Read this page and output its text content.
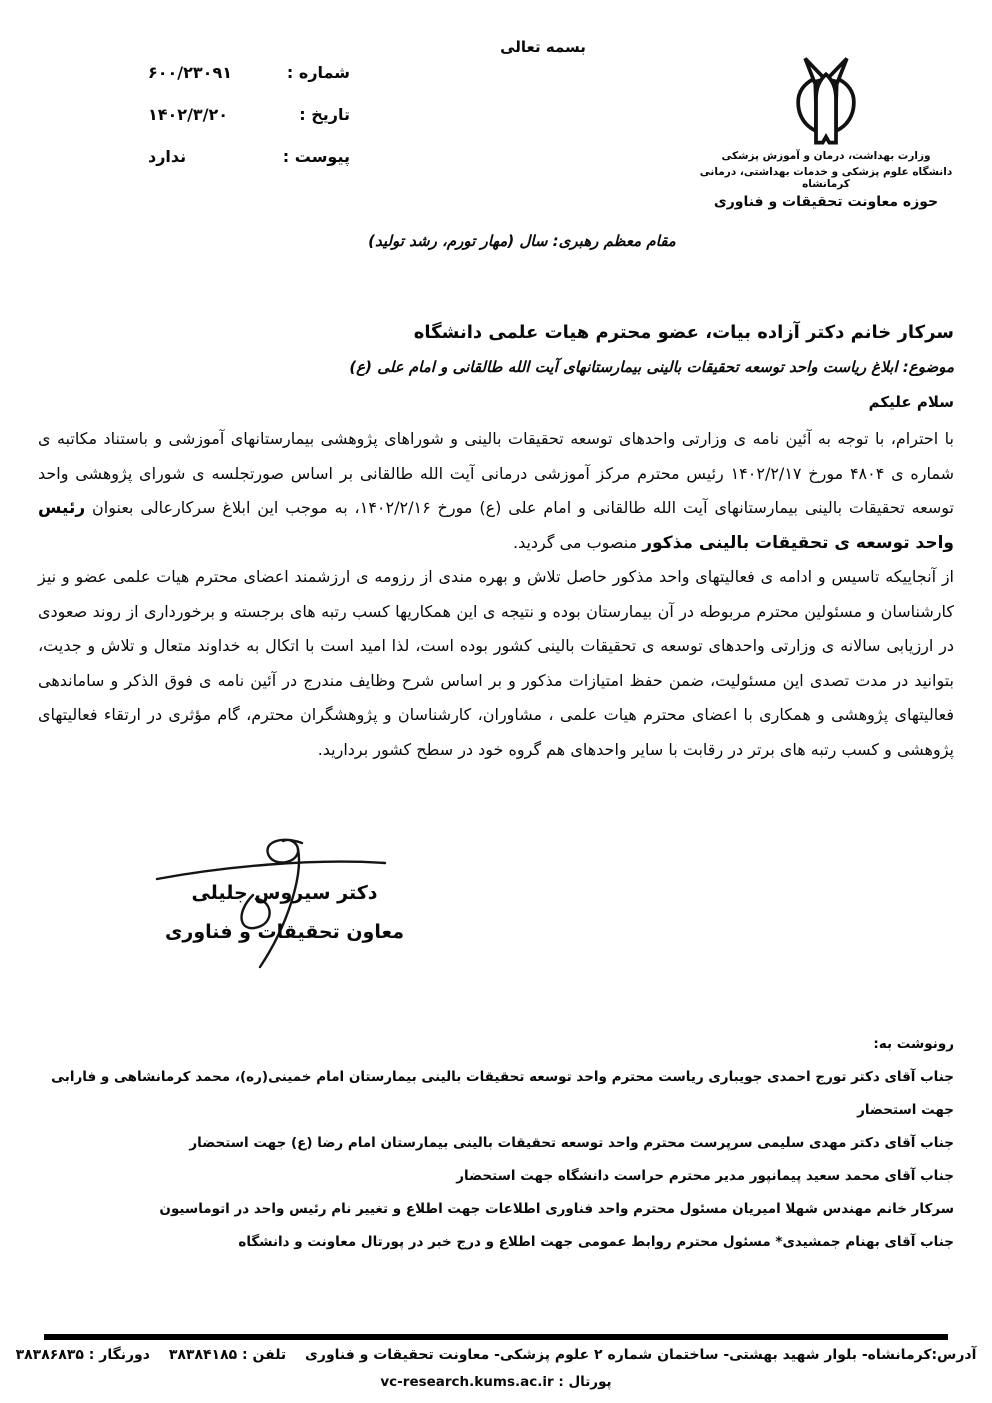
بسمه تعالی
شماره :
۶۰۰/۲۳۰۹۱
تاریخ :
۱۴۰۲/۳/۲۰
پیوست :
ندارد	وزارت بهداشت، درمان و آموزش پزشکی
دانشگاه علوم پزشکی و خدمات بهداشتی، درمانی کرمانشاه
حوزه معاونت تحقیقات و فناوری
مقام معظم رهبری: سال (مهار تورم، رشد تولید)
سرکار خانم دکتر آزاده بیات، عضو محترم هیات علمی دانشگاه
موضوع: ابلاغ ریاست واحد توسعه تحقیقات بالینی بیمارستانهای آیت الله طالقانی و امام علی (ع)
سلام علیکم

با احترام، با توجه به آئین نامه ی وزارتی واحدهای توسعه تحقیقات بالینی و شوراهای پژوهشی بیمارستانهای آموزشی و باستناد مکاتبه ی شماره ی ۴۸۰۴ مورخ ۱۴۰۲/۲/۱۷ رئیس محترم مرکز آموزشی درمانی آیت الله طالقانی بر اساس صورتجلسه ی شورای پژوهشی واحد توسعه تحقیقات بالینی بیمارستانهای آیت الله طالقانی و امام علی (ع) مورخ ۱۴۰۲/۲/۱۶، به موجب این ابلاغ سرکارعالی بعنوان رئیس واحد توسعه ی تحقیقات بالینی مذکور منصوب می گردید.

از آنجاییکه تاسیس و ادامه ی فعالیتهای واحد مذکور حاصل تلاش و بهره مندی از رزومه ی ارزشمند اعضای محترم هیات علمی عضو و نیز کارشناسان و مسئولین محترم مربوطه در آن بیمارستان بوده و نتیجه ی این همکاریها کسب رتبه های برجسته و برخورداری از روند صعودی در ارزیابی سالانه ی وزارتی واحدهای توسعه ی تحقیقات بالینی کشور بوده است، لذا امید است با اتکال به خداوند متعال و تلاش و جدیت، بتوانید در مدت تصدی این مسئولیت، ضمن حفظ امتیازات مذکور و بر اساس شرح وظایف مندرج در آئین نامه ی فوق الذکر و ساماندهی فعالیتهای پژوهشی و همکاری با اعضای محترم هیات علمی ، مشاوران، کارشناسان و پژوهشگران محترم، گام مؤثری در ارتقاء فعالیتهای پژوهشی و کسب رتبه های برتر در رقابت با سایر واحدهای هم گروه خود در سطح کشور بردارید.

دکتر سیروس جلیلی
معاون تحقیقات و فناوری
رونوشت به:
جناب آقای دکتر تورج احمدی جویباری ریاست محترم واحد توسعه تحقیقات بالینی بیمارستان امام خمینی(ره)، محمد کرمانشاهی و فارابی جهت استحضار
جناب آقای دکتر مهدی سلیمی سرپرست محترم واحد توسعه تحقیقات بالینی بیمارستان امام رضا (ع) جهت استحضار
جناب آقای محمد سعید پیمانپور مدیر محترم حراست دانشگاه جهت استحضار
سرکار خانم مهندس شهلا امیریان مسئول محترم واحد فناوری اطلاعات جهت اطلاع و تغییر نام رئیس واحد در اتوماسیون
جناب آقای بهنام جمشیدی* مسئول محترم روابط عمومی جهت اطلاع و درج خبر در پورتال معاونت و دانشگاه
آدرس:کرمانشاه- بلوار شهید بهشتی- ساختمان شماره ۲ علوم پزشکی- معاونت تحقیقات و فناوری تلفن : ۳۸۳۸۴۱۸۵ دورنگار : ۳۸۳۸۶۸۳۵
پورتال : vc-research.kums.ac.ir
